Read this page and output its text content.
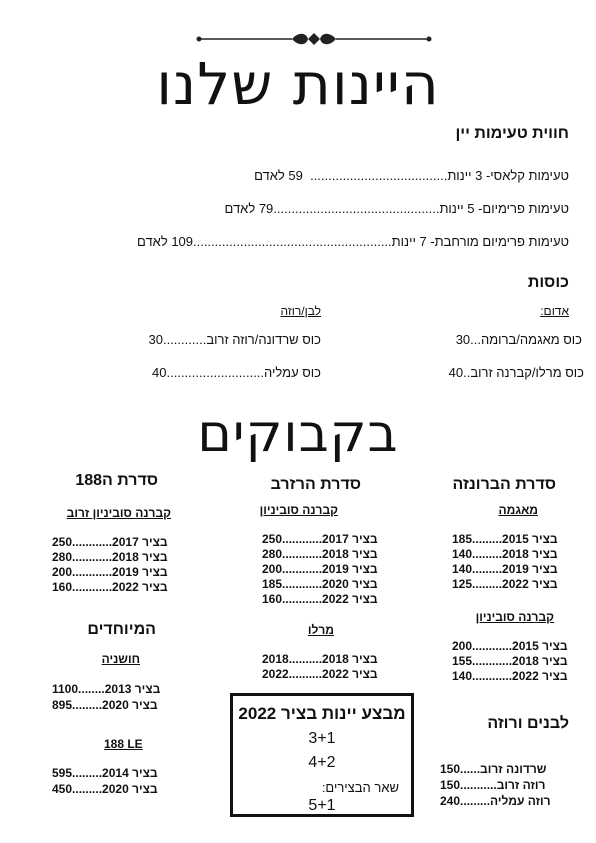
היינות שלנו
חווית טעימות יין
טעימות קלאסי- 3 יינות......................................  59 לאדם
טעימות פרימיום- 5 יינות..............................................79 לאדם
טעימות פרימיום מורחבת- 7 יינות.......................................................109 לאדם
כוסות
אדום:
לבן/רוזה
כוס מאגמה/ברומה...30
כוס מרלו/קברנה זרוב..40
כוס שרדונה/רוזה זרוב............30
כוס עמליה...........................40
בקבוקים
סדרת הברונזה
מאגמה
185 ......... בציר 2015
140 ......... בציר 2018
140 ......... בציר 2019
125 ......... בציר 2022
קברנה סוביניון
200 ............ בציר 2015
155 ............ בציר 2018
140 ............ בציר 2022
סדרת הרזרב
קברנה סוביניון
250 ............ בציר 2017
280 ............ בציר 2018
200 ............ בציר 2019
185 ............ בציר 2020
160 ............ בציר 2022
מרלו
2018 .......... בציר 2018
2022 .......... בציר 2022
סדרת ה188
קברנה סוביניון זרוב
250 ............ בציר 2017
280 ............ בציר 2018
200 ............ בציר 2019
160 ............ בציר 2022
המיוחדים
חושניה
1100 ........ בציר 2013
895 ......... בציר 2020
188 LE
595 ......... בציר 2014
450 ......... בציר 2020
לבנים ורוזה
150 ...... שרדונה זרוב
150 ........... רוזה זרוב
240 ......... רוזה עמליה
מבצע יינות בציר 2022
3+1
4+2
שאר הבצירים:
5+1
